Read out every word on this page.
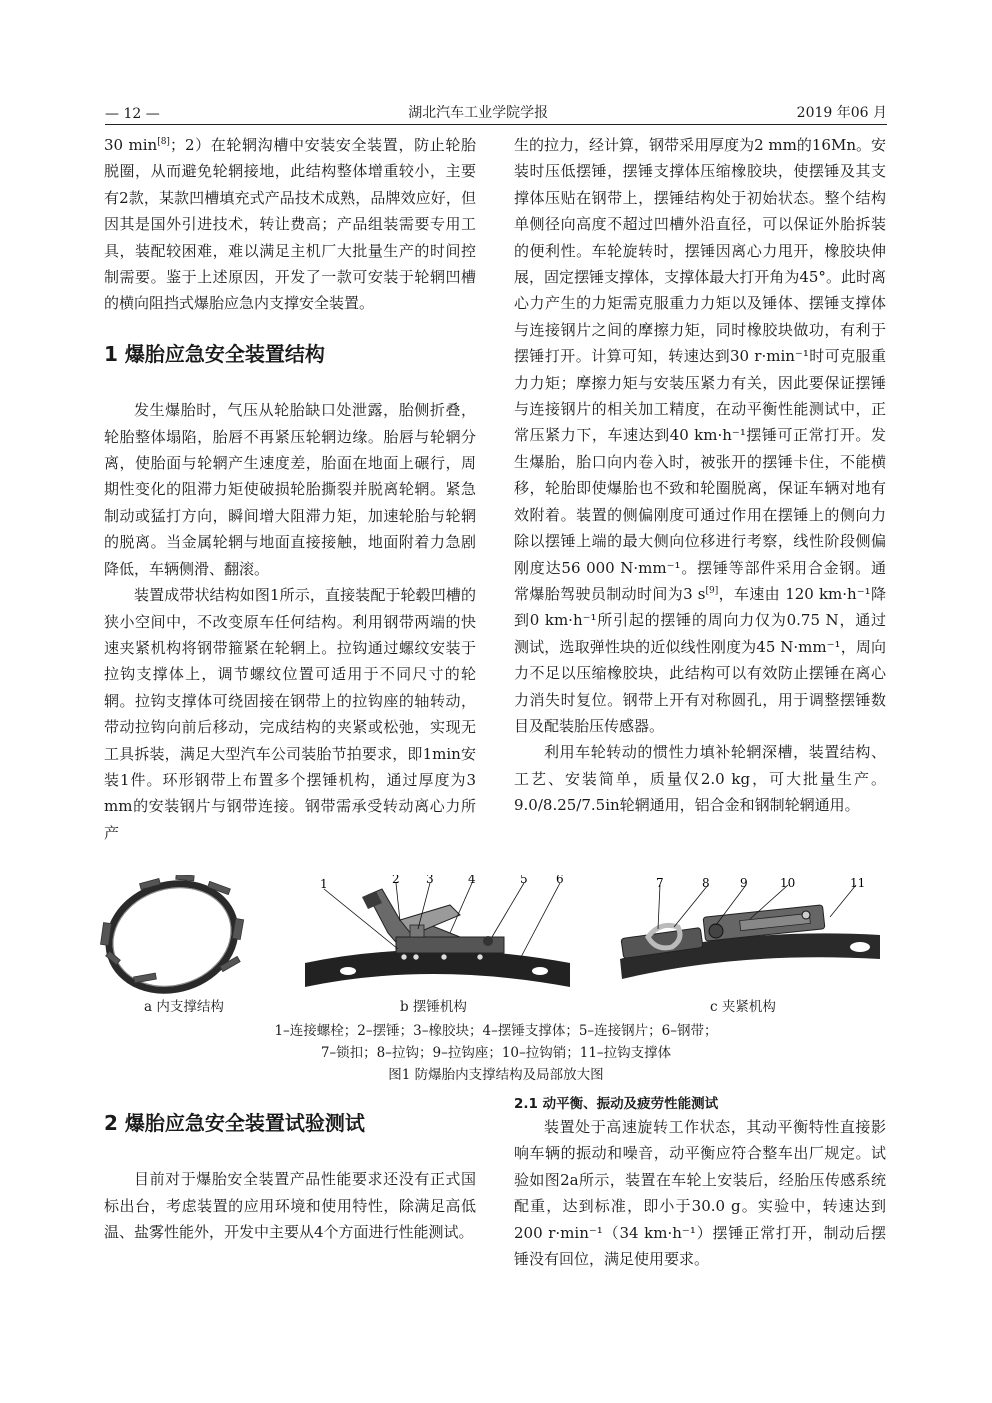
— 12 —	湖北汽车工业学院学报	2019 年06 月

30 min[8]；2）在轮辋沟槽中安装安全装置，防止轮胎脱圈，从而避免轮辋接地，此结构整体增重较小，主要有2款，某款凹槽填充式产品技术成熟，品牌效应好，但因其是国外引进技术，转让费高；产品组装需要专用工具，装配较困难，难以满足主机厂大批量生产的时间控制需要。鉴于上述原因，开发了一款可安装于轮辋凹槽的横向阻挡式爆胎应急内支撑安全装置。

1 爆胎应急安全装置结构

发生爆胎时，气压从轮胎缺口处泄露，胎侧折叠，轮胎整体塌陷，胎唇不再紧压轮辋边缘。胎唇与轮辋分离，使胎面与轮辋产生速度差，胎面在地面上碾行，周期性变化的阻滞力矩使破损轮胎撕裂并脱离轮辋。紧急制动或猛打方向，瞬间增大阻滞力矩，加速轮胎与轮辋的脱离。当金属轮辋与地面直接接触，地面附着力急剧降低，车辆侧滑、翻滚。

装置成带状结构如图1所示，直接装配于轮毂凹槽的狭小空间中，不改变原车任何结构。利用钢带两端的快速夹紧机构将钢带箍紧在轮辋上。拉钩通过螺纹安装于拉钩支撑体上，调节螺纹位置可适用于不同尺寸的轮辋。拉钩支撑体可绕固接在钢带上的拉钩座的轴转动，带动拉钩向前后移动，完成结构的夹紧或松弛，实现无工具拆装，满足大型汽车公司装胎节拍要求，即1min安装1件。环形钢带上布置多个摆锤机构，通过厚度为3 mm的安装钢片与钢带连接。钢带需承受转动离心力所产

生的拉力，经计算，钢带采用厚度为2 mm的16Mn。安装时压低摆锤，摆锤支撑体压缩橡胶块，使摆锤及其支撑体压贴在钢带上，摆锤结构处于初始状态。整个结构单侧径向高度不超过凹槽外沿直径，可以保证外胎拆装的便利性。车轮旋转时，摆锤因离心力甩开，橡胶块伸展，固定摆锤支撑体，支撑体最大打开角为45°。此时离心力产生的力矩需克服重力力矩以及锤体、摆锤支撑体与连接钢片之间的摩擦力矩，同时橡胶块做功，有利于摆锤打开。计算可知，转速达到30 r·min⁻¹时可克服重力力矩；摩擦力矩与安装压紧力有关，因此要保证摆锤与连接钢片的相关加工精度，在动平衡性能测试中，正常压紧力下，车速达到40 km·h⁻¹摆锤可正常打开。发生爆胎，胎口向内卷入时，被张开的摆锤卡住，不能横移，轮胎即使爆胎也不致和轮圈脱离，保证车辆对地有效附着。装置的侧偏刚度可通过作用在摆锤上的侧向力除以摆锤上端的最大侧向位移进行考察，线性阶段侧偏刚度达56 000 N·mm⁻¹。摆锤等部件采用合金钢。通常爆胎驾驶员制动时间为3 s[9]，车速由 120 km·h⁻¹降到0 km·h⁻¹所引起的摆锤的周向力仅为0.75 N，通过测试，选取弹性块的近似线性刚度为45 N·mm⁻¹，周向力不足以压缩橡胶块，此结构可以有效防止摆锤在离心力消失时复位。钢带上开有对称圆孔，用于调整摆锤数目及配装胎压传感器。

利用车轮转动的惯性力填补轮辋深槽，装置结构、工艺、安装简单，质量仅2.0 kg，可大批量生产。9.0/8.25/7.5in轮辋通用，铝合金和钢制轮辋通用。

1	2 3	4	5 6	7	8	9	10	11
a 内支撑结构	b 摆锤机构	c 夹紧机构
1–连接螺栓；2–摆锤；3–橡胶块；4–摆锤支撑体；5–连接钢片；6–钢带；
7–锁扣；8–拉钩；9–拉钩座；10–拉钩销；11–拉钩支撑体
图1 防爆胎内支撑结构及局部放大图
2 爆胎应急安全装置试验测试

目前对于爆胎安全装置产品性能要求还没有正式国标出台，考虑装置的应用环境和使用特性，除满足高低温、盐雾性能外，开发中主要从4个方面进行性能测试。

2.1 动平衡、振动及疲劳性能测试

装置处于高速旋转工作状态，其动平衡特性直接影响车辆的振动和噪音，动平衡应符合整车出厂规定。试验如图2a所示，装置在车轮上安装后，经胎压传感系统配重，达到标准，即小于30.0 g。实验中，转速达到200 r·min⁻¹（34 km·h⁻¹）摆锤正常打开，制动后摆锤没有回位，满足使用要求。
